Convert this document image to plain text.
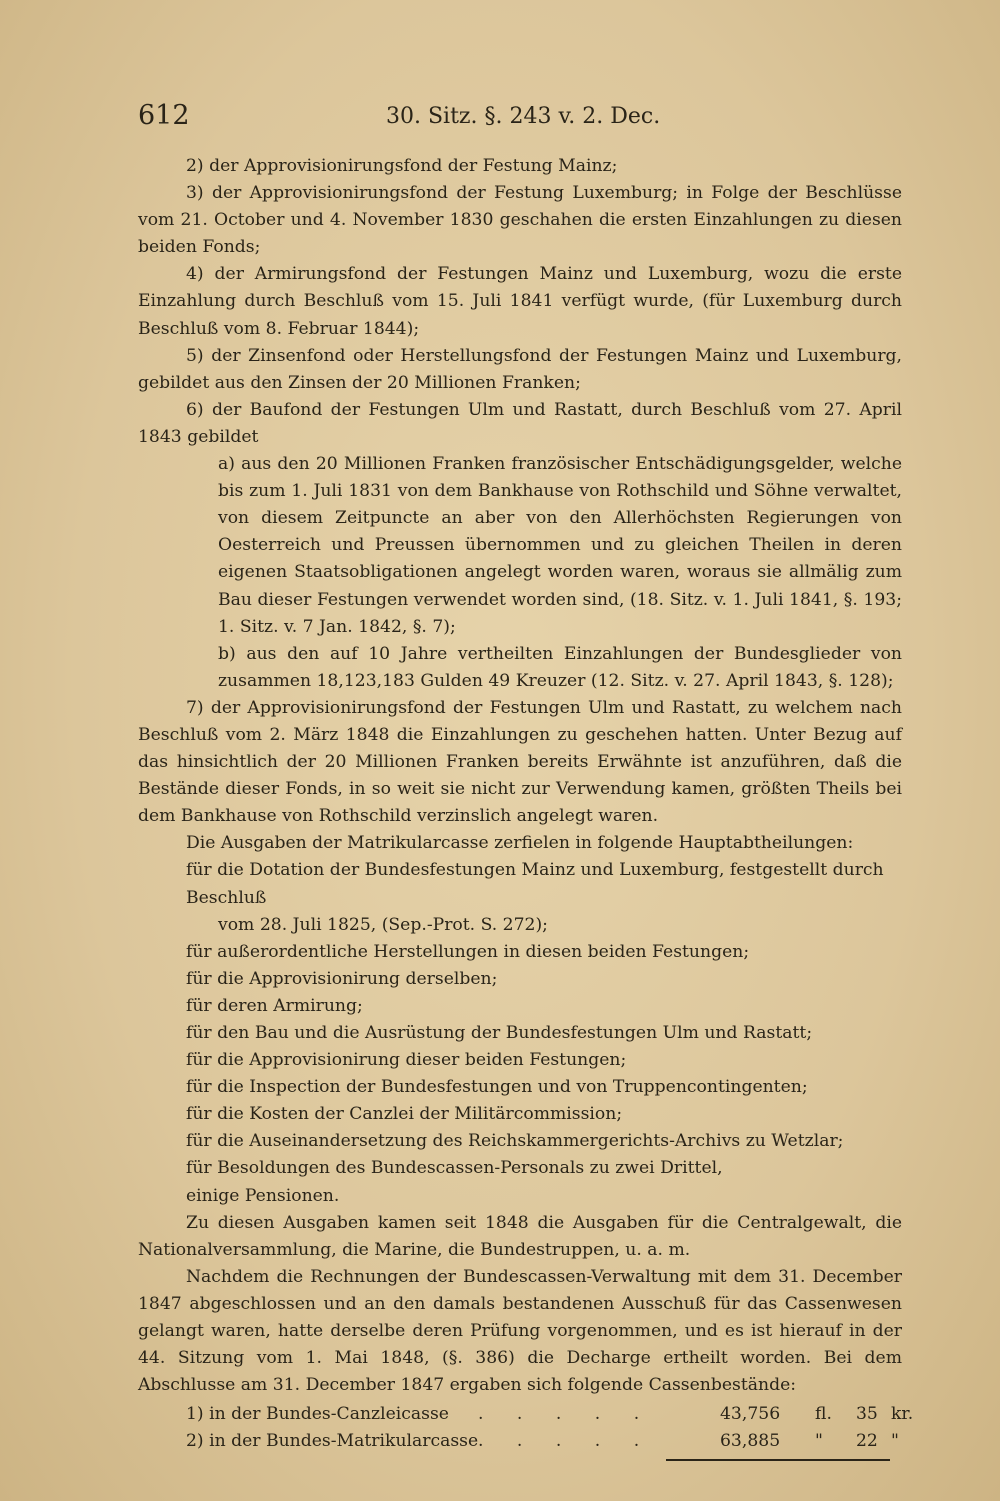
612	30. Sitz. §. 243 v. 2. Dec.

2) der Approvisionirungsfond der Festung Mainz;

3) der Approvisionirungsfond der Festung Luxemburg; in Folge der Beschlüsse vom 21. October und 4. November 1830 geschahen die ersten Einzahlungen zu diesen beiden Fonds;

4) der Armirungsfond der Festungen Mainz und Luxemburg, wozu die erste Einzahlung durch Beschluß vom 15. Juli 1841 verfügt wurde, (für Luxemburg durch Beschluß vom 8. Februar 1844);

5) der Zinsenfond oder Herstellungsfond der Festungen Mainz und Luxemburg, gebildet aus den Zinsen der 20 Millionen Franken;

6) der Baufond der Festungen Ulm und Rastatt, durch Beschluß vom 27. April 1843 gebildet

a) aus den 20 Millionen Franken französischer Entschädigungsgelder, welche bis zum 1. Juli 1831 von dem Bankhause von Rothschild und Söhne verwaltet, von diesem Zeitpuncte an aber von den Allerhöchsten Regierungen von Oesterreich und Preussen übernommen und zu gleichen Theilen in deren eigenen Staatsobligationen angelegt worden waren, woraus sie allmälig zum Bau dieser Festungen verwendet worden sind, (18. Sitz. v. 1. Juli 1841, §. 193; 1. Sitz. v. 7 Jan. 1842, §. 7);

b) aus den auf 10 Jahre vertheilten Einzahlungen der Bundesglieder von zusammen 18,123,183 Gulden 49 Kreuzer (12. Sitz. v. 27. April 1843, §. 128);

7) der Approvisionirungsfond der Festungen Ulm und Rastatt, zu welchem nach Beschluß vom 2. März 1848 die Einzahlungen zu geschehen hatten. Unter Bezug auf das hinsichtlich der 20 Millionen Franken bereits Erwähnte ist anzuführen, daß die Bestände dieser Fonds, in so weit sie nicht zur Verwendung kamen, größten Theils bei dem Bankhause von Rothschild verzinslich angelegt waren.

Die Ausgaben der Matrikularcasse zerfielen in folgende Hauptabtheilungen:

für die Dotation der Bundesfestungen Mainz und Luxemburg, festgestellt durch Beschluß

vom 28. Juli 1825, (Sep.-Prot. S. 272);

für außerordentliche Herstellungen in diesen beiden Festungen;

für die Approvisionirung derselben;

für deren Armirung;

für den Bau und die Ausrüstung der Bundesfestungen Ulm und Rastatt;

für die Approvisionirung dieser beiden Festungen;

für die Inspection der Bundesfestungen und von Truppencontingenten;

für die Kosten der Canzlei der Militärcommission;

für die Auseinandersetzung des Reichskammergerichts-Archivs zu Wetzlar;

für Besoldungen des Bundescassen-Personals zu zwei Drittel,

einige Pensionen.

Zu diesen Ausgaben kamen seit 1848 die Ausgaben für die Centralgewalt, die Nationalversammlung, die Marine, die Bundestruppen, u. a. m.

Nachdem die Rechnungen der Bundescassen-Verwaltung mit dem 31. December 1847 abgeschlossen und an den damals bestandenen Ausschuß für das Cassenwesen gelangt waren, hatte derselbe deren Prüfung vorgenommen, und es ist hierauf in der 44. Sitzung vom 1. Mai 1848, (§. 386) die Decharge ertheilt worden. Bei dem Abschlusse am 31. December 1847 ergaben sich folgende Cassenbestände:

1) in der Bundes-Canzleicasse . . . . .	43,756 fl. 35 kr.
2) in der Bundes-Matrikularcasse . . . . .	63,885 " 22 "
